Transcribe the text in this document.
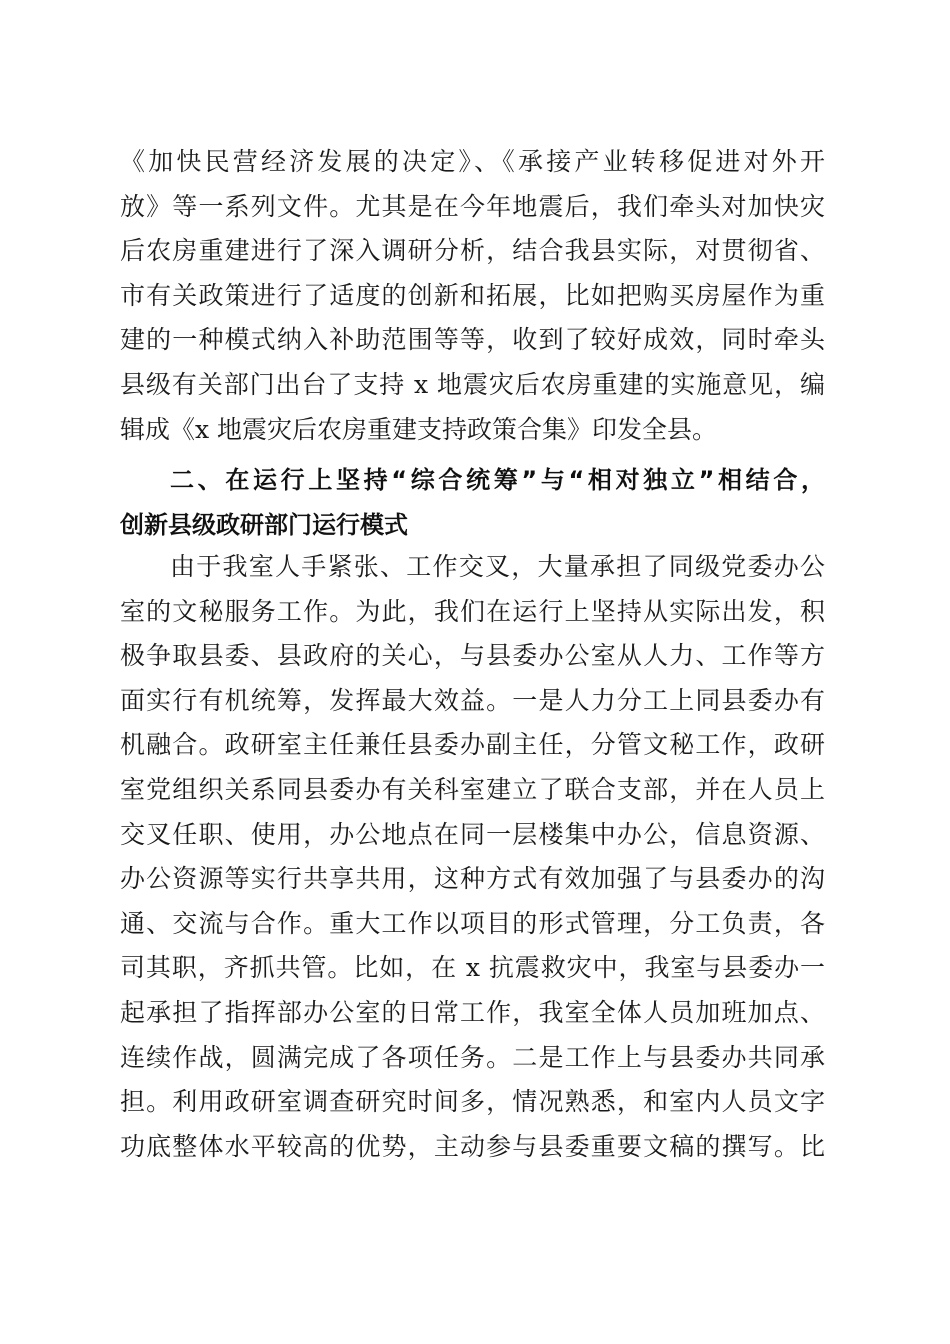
《加快民营经济发展的决定》、《承接产业转移促进对外开
放》等一系列文件。尤其是在今年地震后，我们牵头对加快灾
后农房重建进行了深入调研分析，结合我县实际，对贯彻省、
市有关政策进行了适度的创新和拓展，比如把购买房屋作为重
建的一种模式纳入补助范围等等，收到了较好成效，同时牵头
县级有关部门出台了支持 x 地震灾后农房重建的实施意见，编
辑成《x 地震灾后农房重建支持政策合集》印发全县。
二、在运行上坚持“综合统筹”与“相对独立”相结合，
创新县级政研部门运行模式
由于我室人手紧张、工作交叉，大量承担了同级党委办公
室的文秘服务工作。为此，我们在运行上坚持从实际出发，积
极争取县委、县政府的关心，与县委办公室从人力、工作等方
面实行有机统筹，发挥最大效益。一是人力分工上同县委办有
机融合。政研室主任兼任县委办副主任，分管文秘工作，政研
室党组织关系同县委办有关科室建立了联合支部，并在人员上
交叉任职、使用，办公地点在同一层楼集中办公，信息资源、
办公资源等实行共享共用，这种方式有效加强了与县委办的沟
通、交流与合作。重大工作以项目的形式管理，分工负责，各
司其职，齐抓共管。比如，在 x 抗震救灾中，我室与县委办一
起承担了指挥部办公室的日常工作，我室全体人员加班加点、
连续作战，圆满完成了各项任务。二是工作上与县委办共同承
担。利用政研室调查研究时间多，情况熟悉，和室内人员文字
功底整体水平较高的优势，主动参与县委重要文稿的撰写。比
